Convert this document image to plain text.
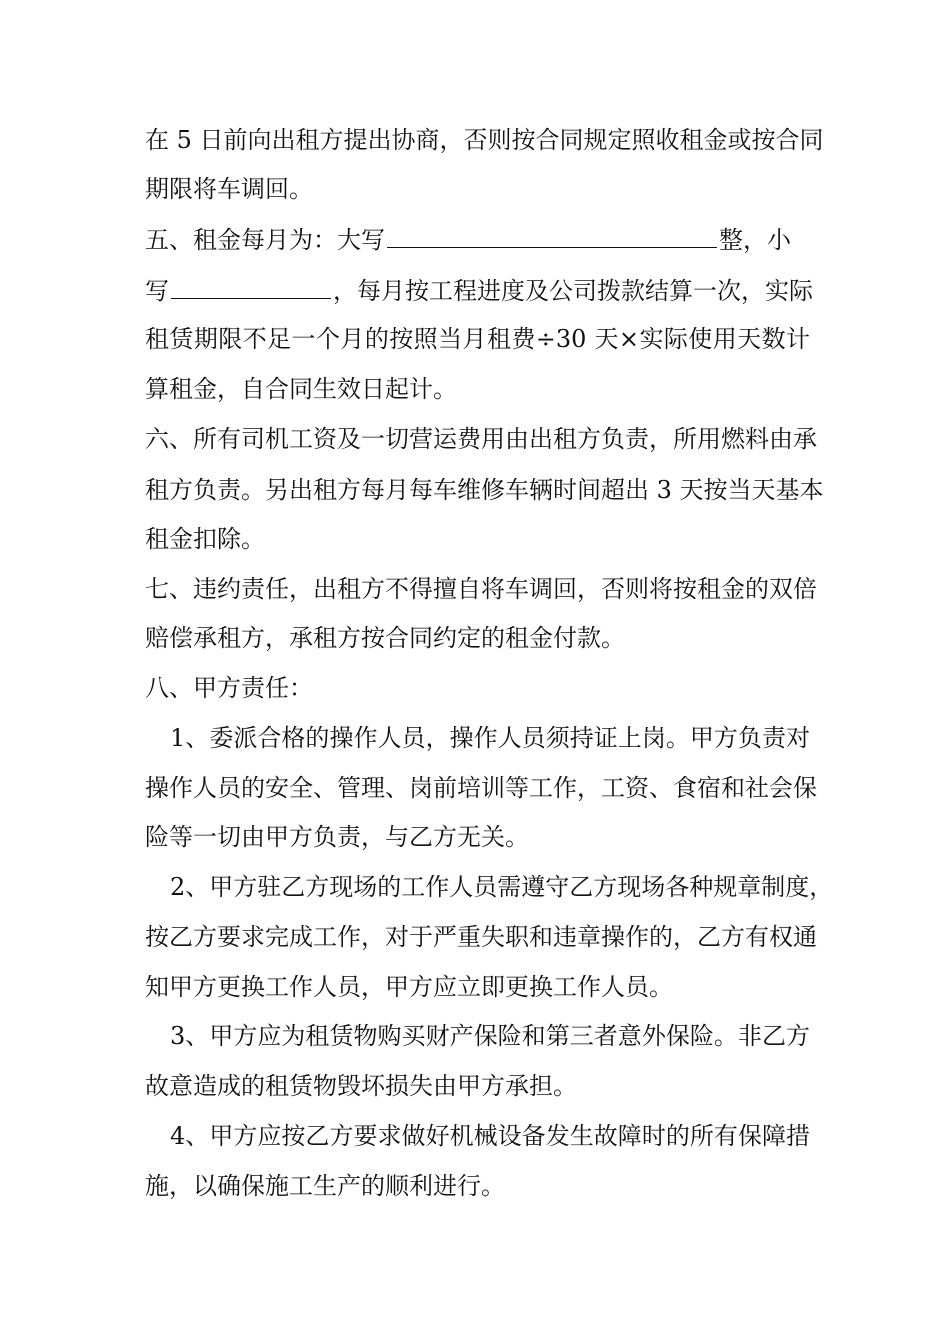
在 5 日前向出租方提出协商，否则按合同规定照收租金或按合同
期限将车调回。
五、租金每月为：大写	整，小
写	，每月按工程进度及公司拨款结算一次，实际
租赁期限不足一个月的按照当月租费÷30 天×实际使用天数计
算租金，自合同生效日起计。
六、所有司机工资及一切营运费用由出租方负责，所用燃料由承
租方负责。另出租方每月每车维修车辆时间超出 3 天按当天基本
租金扣除。
七、违约责任，出租方不得擅自将车调回，否则将按租金的双倍
赔偿承租方，承租方按合同约定的租金付款。
八、甲方责任：
1、委派合格的操作人员，操作人员须持证上岗。甲方负责对
操作人员的安全、管理、岗前培训等工作，工资、食宿和社会保
险等一切由甲方负责，与乙方无关。
2、甲方驻乙方现场的工作人员需遵守乙方现场各种规章制度，
按乙方要求完成工作，对于严重失职和违章操作的，乙方有权通
知甲方更换工作人员，甲方应立即更换工作人员。
3、甲方应为租赁物购买财产保险和第三者意外保险。非乙方
故意造成的租赁物毁坏损失由甲方承担。
4、甲方应按乙方要求做好机械设备发生故障时的所有保障措
施，以确保施工生产的顺利进行。
